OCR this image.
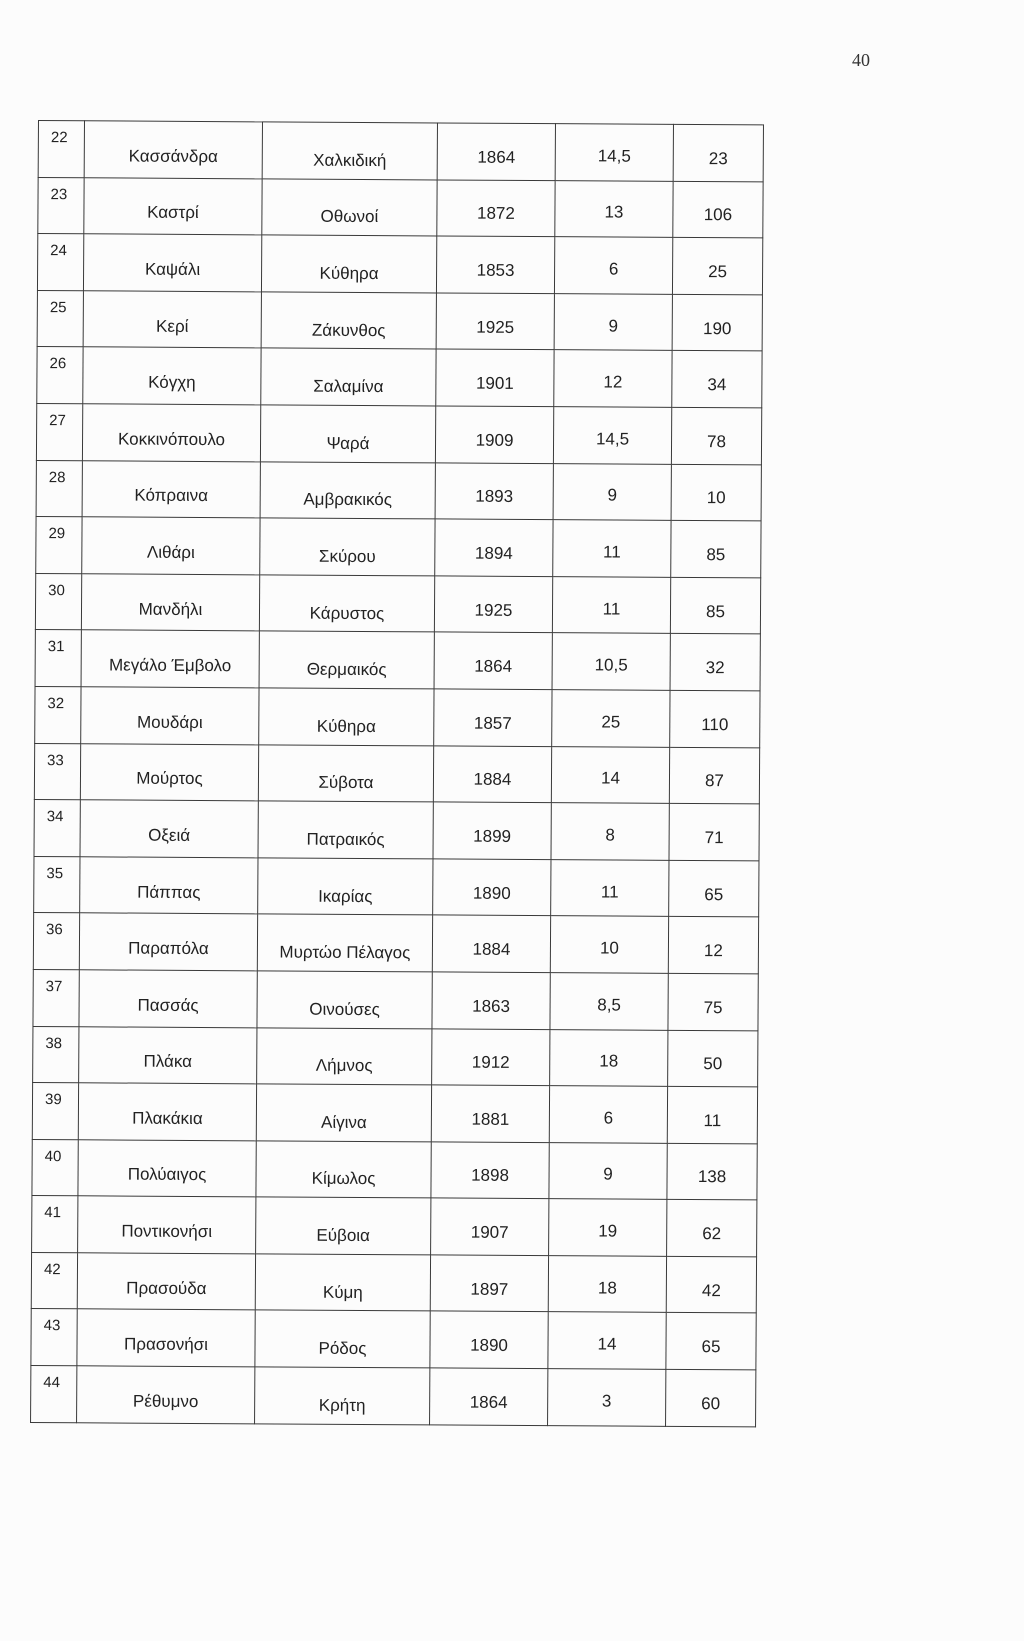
40
22	Κασσάνδρα	Χαλκιδική	1864	14,5	23
23	Καστρί	Οθωνοί	1872	13	106
24	Καψάλι	Κύθηρα	1853	6	25
25	Κερί	Ζάκυνθος	1925	9	190
26	Κόγχη	Σαλαμίνα	1901	12	34
27	Κοκκινόπουλο	Ψαρά	1909	14,5	78
28	Κόπραινα	Αμβρακικός	1893	9	10
29	Λιθάρι	Σκύρου	1894	11	85
30	Μανδήλι	Κάρυστος	1925	11	85
31	Μεγάλο Έμβολο	Θερμαικός	1864	10,5	32
32	Μουδάρι	Κύθηρα	1857	25	110
33	Μούρτος	Σύβοτα	1884	14	87
34	Οξειά	Πατραικός	1899	8	71
35	Πάππας	Ικαρίας	1890	11	65
36	Παραπόλα	Μυρτώο Πέλαγος	1884	10	12
37	Πασσάς	Οινούσες	1863	8,5	75
38	Πλάκα	Λήμνος	1912	18	50
39	Πλακάκια	Αίγινα	1881	6	11
40	Πολύαιγος	Κίμωλος	1898	9	138
41	Ποντικονήσι	Εύβοια	1907	19	62
42	Πρασούδα	Κύμη	1897	18	42
43	Πρασονήσι	Ρόδος	1890	14	65
44	Ρέθυμνο	Κρήτη	1864	3	60
